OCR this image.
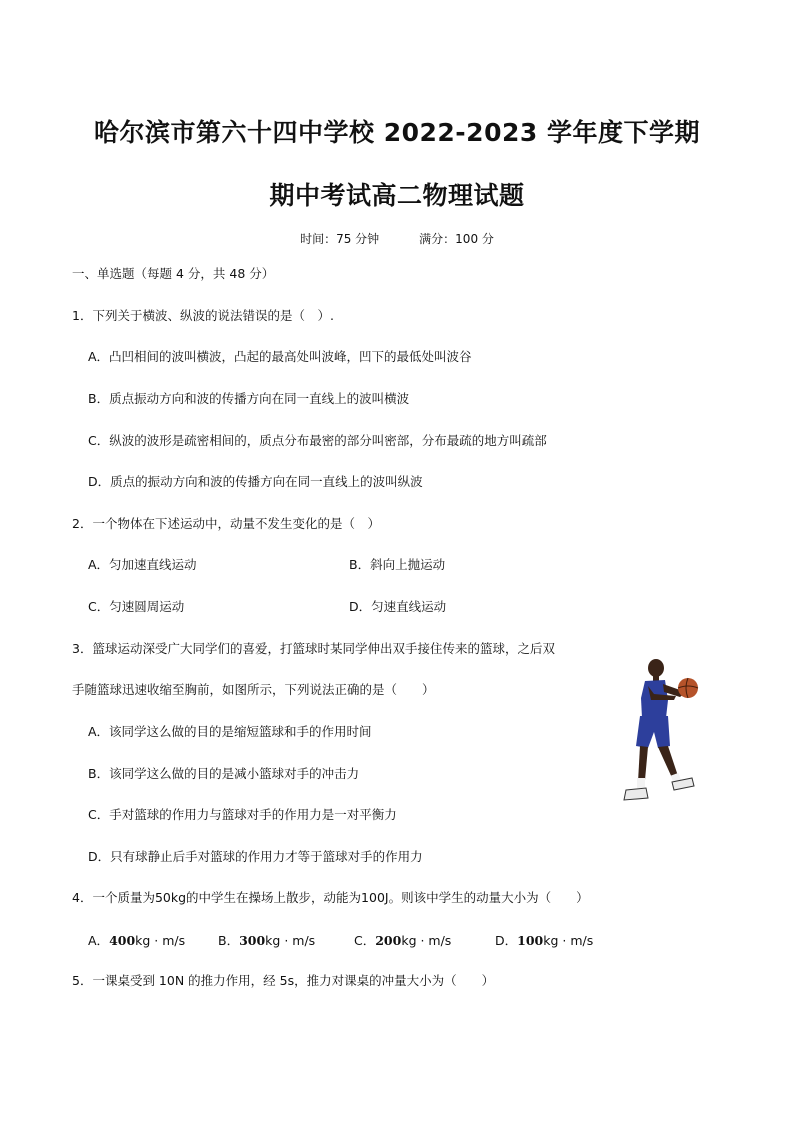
哈尔滨市第六十四中学校 2022-2023 学年度下学期
期中考试高二物理试题
时间：75 分钟	满分：100 分
一、单选题（每题 4 分，共 48 分）
1．下列关于横波、纵波的说法错误的是（　）.
A．凸凹相间的波叫横波，凸起的最高处叫波峰，凹下的最低处叫波谷
B．质点振动方向和波的传播方向在同一直线上的波叫横波
C．纵波的波形是疏密相间的，质点分布最密的部分叫密部，分布最疏的地方叫疏部
D．质点的振动方向和波的传播方向在同一直线上的波叫纵波
2．一个物体在下述运动中，动量不发生变化的是（　）
A．匀加速直线运动	B．斜向上抛运动
C．匀速圆周运动	D．匀速直线运动
3．篮球运动深受广大同学们的喜爱，打篮球时某同学伸出双手接住传来的篮球，之后双
手随篮球迅速收缩至胸前，如图所示，下列说法正确的是（　　）
A．该同学这么做的目的是缩短篮球和手的作用时间
B．该同学这么做的目的是减小篮球对手的冲击力
C．手对篮球的作用力与篮球对手的作用力是一对平衡力
D．只有球静止后手对篮球的作用力才等于篮球对手的作用力
4．一个质量为50kg的中学生在操场上散步，动能为100J。则该中学生的动量大小为（　　）
A．400kg · m/s	B．300kg · m/s	C．200kg · m/s	D．100kg · m/s
5．一课桌受到 10N 的推力作用，经 5s，推力对课桌的冲量大小为（　　）
